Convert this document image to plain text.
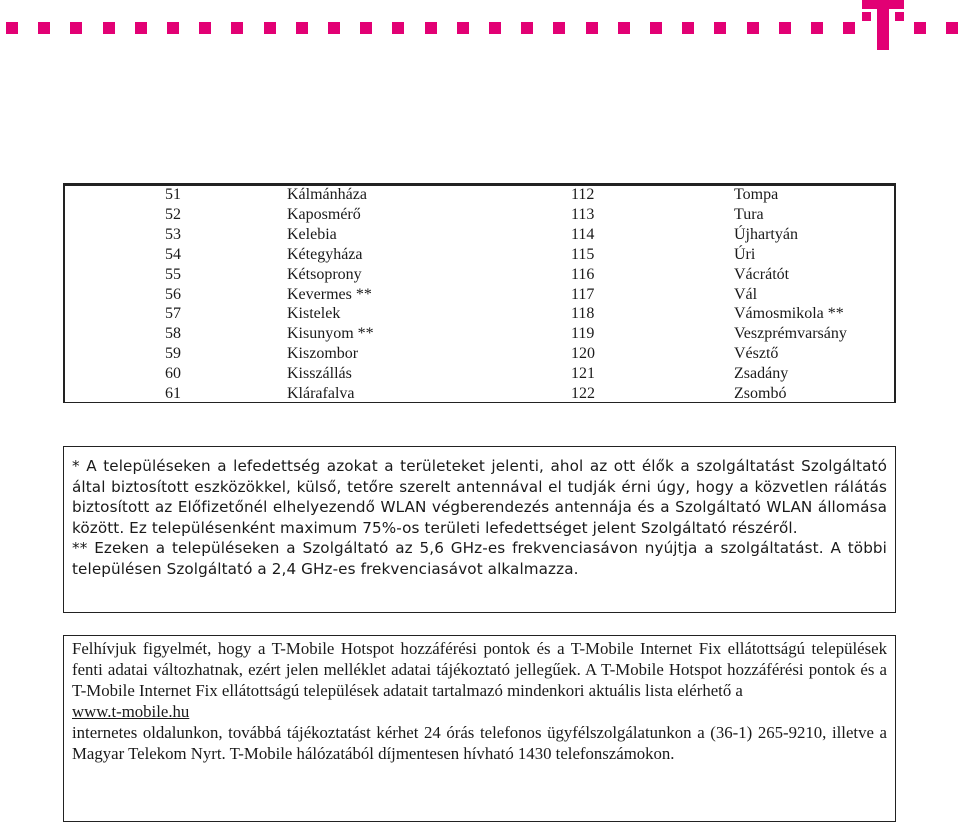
51	Kálmánháza	112	Tompa
52	Kaposmérő	113	Tura
53	Kelebia	114	Újhartyán
54	Kétegyháza	115	Úri
55	Kétsoprony	116	Vácrátót
56	Kevermes **	117	Vál
57	Kistelek	118	Vámosmikola **
58	Kisunyom **	119	Veszprémvarsány
59	Kiszombor	120	Vésztő
60	Kisszállás	121	Zsadány
61	Klárafalva	122	Zsombó

* A településeken a lefedettség azokat a területeket jelenti, ahol az ott élők a szolgáltatást Szolgáltató által biztosított eszközökkel, külső, tetőre szerelt antennával el tudják érni úgy, hogy a közvetlen rálátás biztosított az Előfizetőnél elhelyezendő WLAN végberendezés antennája és a Szolgáltató WLAN állomása között. Ez településenként maximum 75%-os területi lefedettséget jelent Szolgáltató részéről.

** Ezeken a településeken a Szolgáltató az 5,6 GHz-es frekvenciasávon nyújtja a szolgáltatást. A többi településen Szolgáltató a 2,4 GHz-es frekvenciasávot alkalmazza.

Felhívjuk figyelmét, hogy a T-Mobile Hotspot hozzáférési pontok és a T-Mobile Internet Fix ellátottságú települések fenti adatai változhatnak, ezért jelen melléklet adatai tájékoztató jellegűek. A T-Mobile Hotspot hozzáférési pontok és a T-Mobile Internet Fix ellátottságú települések adatait tartalmazó mindenkori aktuális lista elérhető a
www.t-mobile.hu
internetes oldalunkon, továbbá tájékoztatást kérhet 24 órás telefonos ügyfélszolgálatunkon a (36-1) 265-9210, illetve a Magyar Telekom Nyrt. T-Mobile hálózatából díjmentesen hívható 1430 telefonszámokon.
